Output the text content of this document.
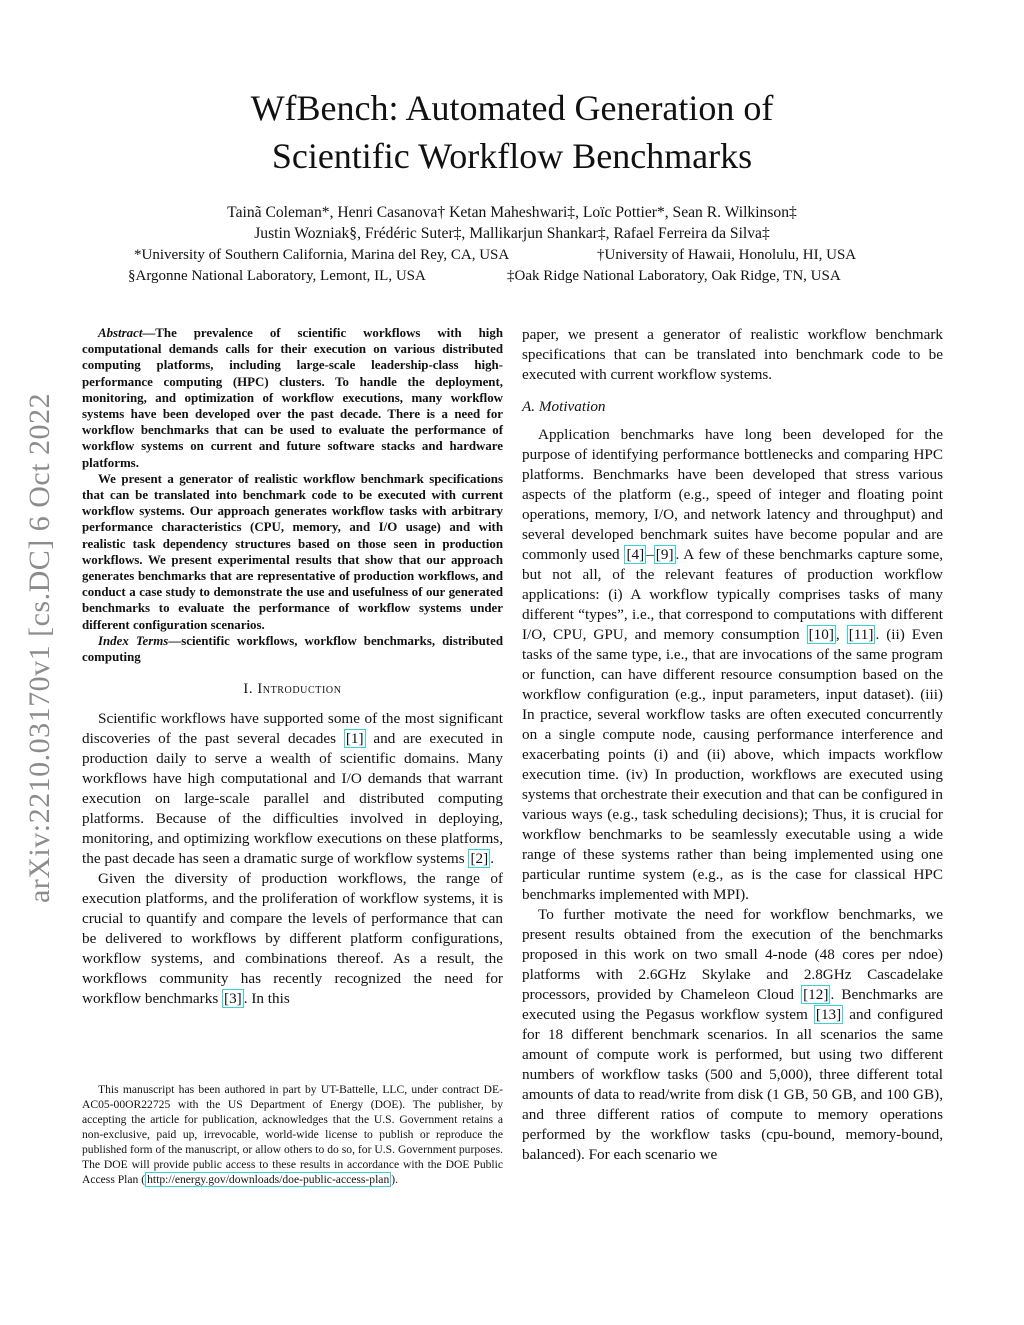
arXiv:2210.03170v1 [cs.DC] 6 Oct 2022
WfBench: Automated Generation of
Scientific Workflow Benchmarks
Tainã Coleman*, Henri Casanova† Ketan Maheshwari‡, Loïc Pottier*, Sean R. Wilkinson‡
Justin Wozniak§, Frédéric Suter‡, Mallikarjun Shankar‡, Rafael Ferreira da Silva‡
*University of Southern California, Marina del Rey, CA, USA	†University of Hawaii, Honolulu, HI, USA
§Argonne National Laboratory, Lemont, IL, USA	‡Oak Ridge National Laboratory, Oak Ridge, TN, USA

Abstract—The prevalence of scientific workflows with high computational demands calls for their execution on various distributed computing platforms, including large-scale leadership-class high-performance computing (HPC) clusters. To handle the deployment, monitoring, and optimization of workflow executions, many workflow systems have been developed over the past decade. There is a need for workflow benchmarks that can be used to evaluate the performance of workflow systems on current and future software stacks and hardware platforms.

We present a generator of realistic workflow benchmark specifications that can be translated into benchmark code to be executed with current workflow systems. Our approach generates workflow tasks with arbitrary performance characteristics (CPU, memory, and I/O usage) and with realistic task dependency structures based on those seen in production workflows. We present experimental results that show that our approach generates benchmarks that are representative of production workflows, and conduct a case study to demonstrate the use and usefulness of our generated benchmarks to evaluate the performance of workflow systems under different configuration scenarios.

Index Terms—scientific workflows, workflow benchmarks, distributed computing

I. Introduction

Scientific workflows have supported some of the most significant discoveries of the past several decades [1] and are executed in production daily to serve a wealth of scientific domains. Many workflows have high computational and I/O demands that warrant execution on large-scale parallel and distributed computing platforms. Because of the difficulties involved in deploying, monitoring, and optimizing workflow executions on these platforms, the past decade has seen a dramatic surge of workflow systems [2] .

Given the diversity of production workflows, the range of execution platforms, and the proliferation of workflow systems, it is crucial to quantify and compare the levels of performance that can be delivered to workflows by different platform configurations, workflow systems, and combinations thereof. As a result, the workflows community has recently recognized the need for workflow benchmarks [3] . In this

This manuscript has been authored in part by UT-Battelle, LLC, under contract DE-AC05-00OR22725 with the US Department of Energy (DOE). The publisher, by accepting the article for publication, acknowledges that the U.S. Government retains a non-exclusive, paid up, irrevocable, world-wide license to publish or reproduce the published form of the manuscript, or allow others to do so, for U.S. Government purposes. The DOE will provide public access to these results in accordance with the DOE Public Access Plan ( http://energy.gov/downloads/doe-public-access-plan ).

paper, we present a generator of realistic workflow benchmark specifications that can be translated into benchmark code to be executed with current workflow systems.

A. Motivation

Application benchmarks have long been developed for the purpose of identifying performance bottlenecks and comparing HPC platforms. Benchmarks have been developed that stress various aspects of the platform (e.g., speed of integer and floating point operations, memory, I/O, and network latency and throughput) and several developed benchmark suites have become popular and are commonly used [4] – [9] . A few of these benchmarks capture some, but not all, of the relevant features of production workflow applications: (i) A workflow typically comprises tasks of many different “types”, i.e., that correspond to computations with different I/O, CPU, GPU, and memory consumption [10] , [11] . (ii) Even tasks of the same type, i.e., that are invocations of the same program or function, can have different resource consumption based on the workflow configuration (e.g., input parameters, input dataset). (iii) In practice, several workflow tasks are often executed concurrently on a single compute node, causing performance interference and exacerbating points (i) and (ii) above, which impacts workflow execution time. (iv) In production, workflows are executed using systems that orchestrate their execution and that can be configured in various ways (e.g., task scheduling decisions); Thus, it is crucial for workflow benchmarks to be seamlessly executable using a wide range of these systems rather than being implemented using one particular runtime system (e.g., as is the case for classical HPC benchmarks implemented with MPI).

To further motivate the need for workflow benchmarks, we present results obtained from the execution of the benchmarks proposed in this work on two small 4-node (48 cores per ndoe) platforms with 2.6GHz Skylake and 2.8GHz Cascadelake processors, provided by Chameleon Cloud [12] . Benchmarks are executed using the Pegasus workflow system [13] and configured for 18 different benchmark scenarios. In all scenarios the same amount of compute work is performed, but using two different numbers of workflow tasks (500 and 5,000), three different total amounts of data to read/write from disk (1 GB, 50 GB, and 100 GB), and three different ratios of compute to memory operations performed by the workflow tasks (cpu-bound, memory-bound, balanced). For each scenario we
